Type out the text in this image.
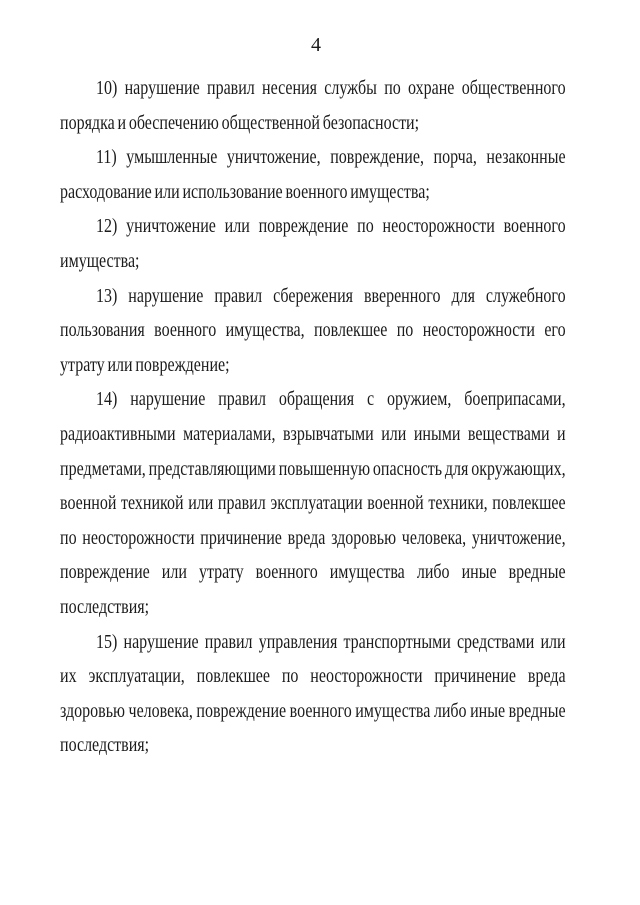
4
10) нарушение правил несения службы по охране общественного
порядка и обеспечению общественной безопасности;
11) умышленные уничтожение, повреждение, порча, незаконные
расходование или использование военного имущества;
12) уничтожение или повреждение по неосторожности военного
имущества;
13) нарушение правил сбережения вверенного для служебного
пользования военного имущества, повлекшее по неосторожности его
утрату или повреждение;
14) нарушение правил обращения с оружием, боеприпасами,
радиоактивными материалами, взрывчатыми или иными веществами и
предметами, представляющими повышенную опасность для окружающих,
военной техникой или правил эксплуатации военной техники, повлекшее
по неосторожности причинение вреда здоровью человека, уничтожение,
повреждение или утрату военного имущества либо иные вредные
последствия;
15) нарушение правил управления транспортными средствами или
их эксплуатации, повлекшее по неосторожности причинение вреда
здоровью человека, повреждение военного имущества либо иные вредные
последствия;
